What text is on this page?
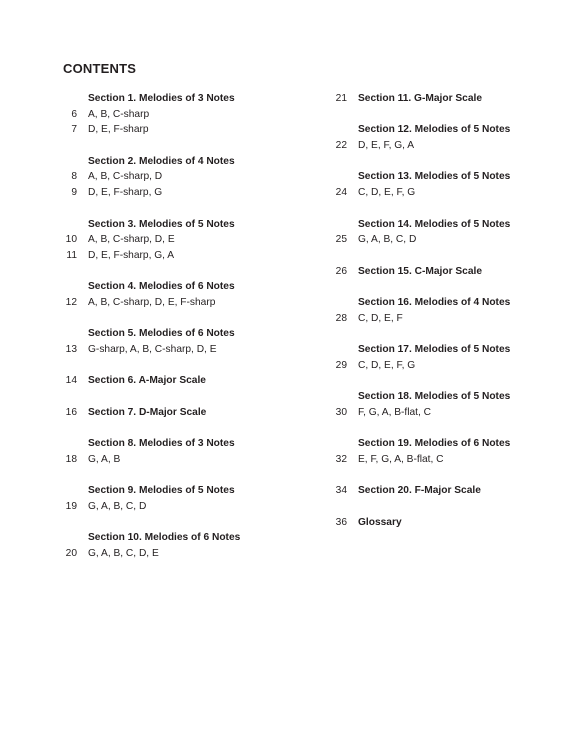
CONTENTS
Section 1. Melodies of 3 Notes
6 A, B, C-sharp
7 D, E, F-sharp
Section 2. Melodies of 4 Notes
8 A, B, C-sharp, D
9 D, E, F-sharp, G
Section 3. Melodies of 5 Notes
10 A, B, C-sharp, D, E
11 D, E, F-sharp, G, A
Section 4. Melodies of 6 Notes
12 A, B, C-sharp, D, E, F-sharp
Section 5. Melodies of 6 Notes
13 G-sharp, A, B, C-sharp, D, E
14 Section 6. A-Major Scale
16 Section 7. D-Major Scale
Section 8. Melodies of 3 Notes
18 G, A, B
Section 9. Melodies of 5 Notes
19 G, A, B, C, D
Section 10. Melodies of 6 Notes
20 G, A, B, C, D, E
21 Section 11. G-Major Scale
Section 12. Melodies of 5 Notes
22 D, E, F, G, A
Section 13. Melodies of 5 Notes
24 C, D, E, F, G
Section 14. Melodies of 5 Notes
25 G, A, B, C, D
26 Section 15. C-Major Scale
Section 16. Melodies of 4 Notes
28 C, D, E, F
Section 17. Melodies of 5 Notes
29 C, D, E, F, G
Section 18. Melodies of 5 Notes
30 F, G, A, B-flat, C
Section 19. Melodies of 6 Notes
32 E, F, G, A, B-flat, C
34 Section 20. F-Major Scale
36 Glossary
